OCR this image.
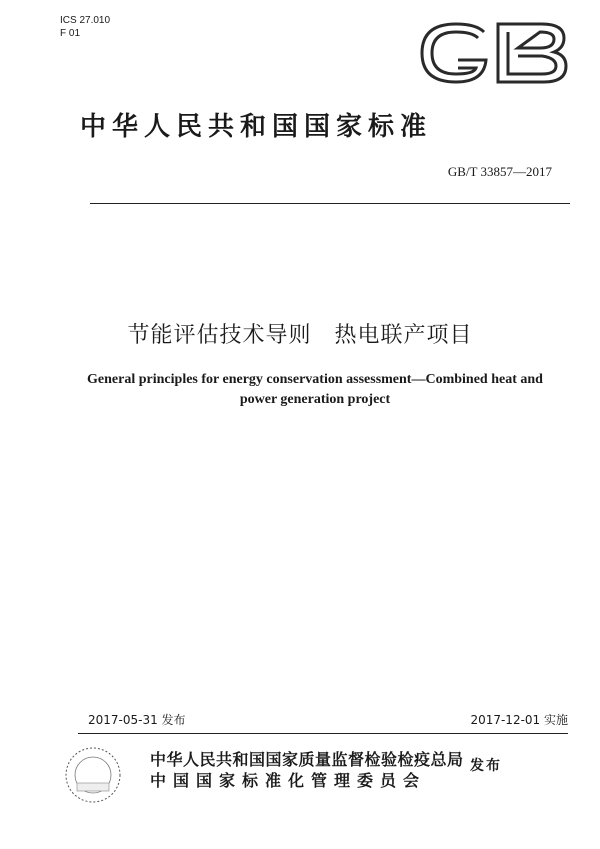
ICS 27.010
F 01
中华人民共和国国家标准
GB/T 33857—2017
节能评估技术导则　热电联产项目
General principles for energy conservation assessment—Combined heat and
power generation project
2017-05-31 发布	2017-12-01 实施
中华人民共和国国家质量监督检验检疫总局
中国国家标准化管理委员会
发布
